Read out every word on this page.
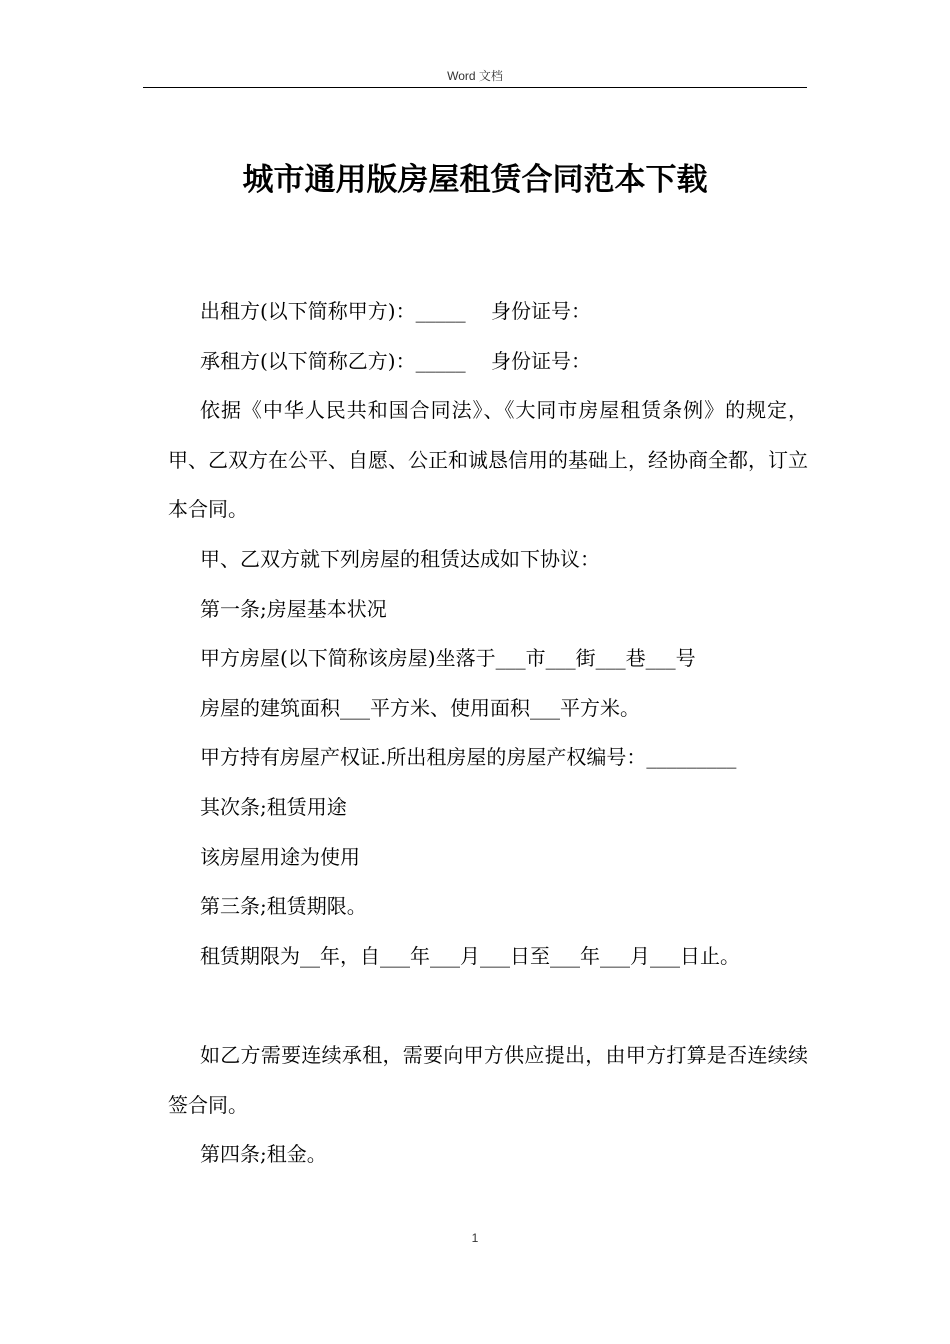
Word 文档
城市通用版房屋租赁合同范本下载

出租方(以下简称甲方)：_____    身份证号：

承租方(以下简称乙方)：_____    身份证号：

依据《中华人民共和国合同法》、《大同市房屋租赁条例》的规定，甲、乙双方在公平、自愿、公正和诚恳信用的基础上，经协商全都，订立本合同。

甲、乙双方就下列房屋的租赁达成如下协议：

第一条;房屋基本状况

甲方房屋(以下简称该房屋)坐落于___市___街___巷___号

房屋的建筑面积___平方米、使用面积___平方米。

甲方持有房屋产权证.所出租房屋的房屋产权编号：_________

其次条;租赁用途

该房屋用途为使用

第三条;租赁期限。

租赁期限为__年，自___年___月___日至___年___月___日止。

如乙方需要连续承租，需要向甲方供应提出，由甲方打算是否连续续签合同。

第四条;租金。

1
